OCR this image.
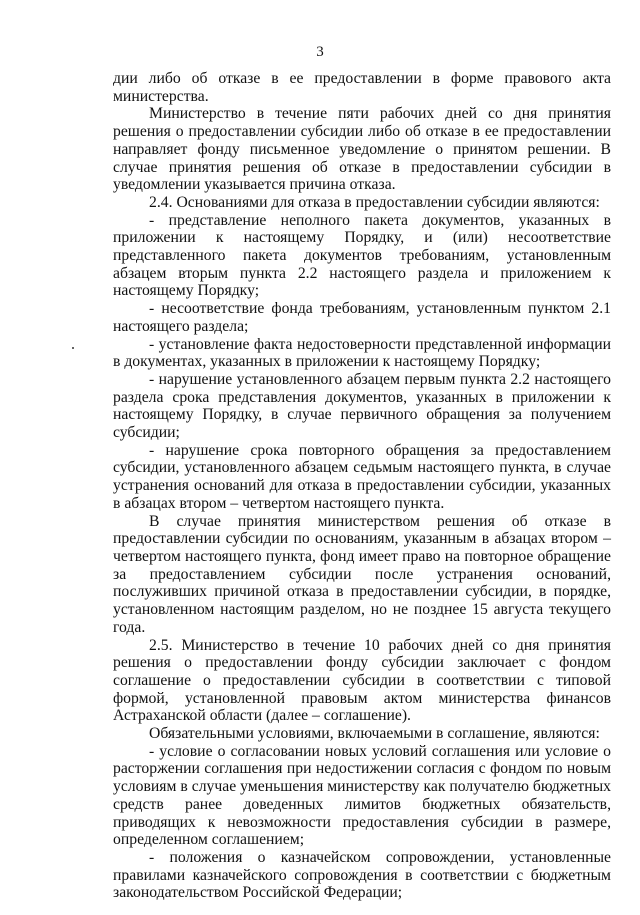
3

дии либо об отказе в ее предоставлении в форме правового акта министерства.

Министерство в течение пяти рабочих дней со дня принятия решения о предоставлении субсидии либо об отказе в ее предоставлении направляет фонду письменное уведомление о принятом решении. В случае принятия решения об отказе в предоставлении субсидии в уведомлении указывается причина отказа.

2.4. Основаниями для отказа в предоставлении субсидии являются:

- представление неполного пакета документов, указанных в приложении к настоящему Порядку, и (или) несоответствие представленного пакета документов требованиям, установленным абзацем вторым пункта 2.2 настоящего раздела и приложением к настоящему Порядку;

- несоответствие фонда требованиям, установленным пунктом 2.1 настоящего раздела;

- установление факта недостоверности представленной информации в документах, указанных в приложении к настоящему Порядку;

- нарушение установленного абзацем первым пункта 2.2 настоящего раздела срока представления документов, указанных в приложении к настоящему Порядку, в случае первичного обращения за получением субсидии;

- нарушение срока повторного обращения за предоставлением субсидии, установленного абзацем седьмым настоящего пункта, в случае устранения оснований для отказа в предоставлении субсидии, указанных в абзацах втором – четвертом настоящего пункта.

В случае принятия министерством решения об отказе в предоставлении субсидии по основаниям, указанным в абзацах втором – четвертом настоящего пункта, фонд имеет право на повторное обращение за предоставлением субсидии после устранения оснований, послуживших причиной отказа в предоставлении субсидии, в порядке, установленном настоящим разделом, но не позднее 15 августа текущего года.

2.5. Министерство в течение 10 рабочих дней со дня принятия решения о предоставлении фонду субсидии заключает с фондом соглашение о предоставлении субсидии в соответствии с типовой формой, установленной правовым актом министерства финансов Астраханской области (далее – соглашение).

Обязательными условиями, включаемыми в соглашение, являются:

- условие о согласовании новых условий соглашения или условие о расторжении соглашения при недостижении согласия с фондом по новым условиям в случае уменьшения министерству как получателю бюджетных средств ранее доведенных лимитов бюджетных обязательств, приводящих к невозможности предоставления субсидии в размере, определенном соглашением;

- положения о казначейском сопровождении, установленные правилами казначейского сопровождения в соответствии с бюджетным законодательством Российской Федерации;
